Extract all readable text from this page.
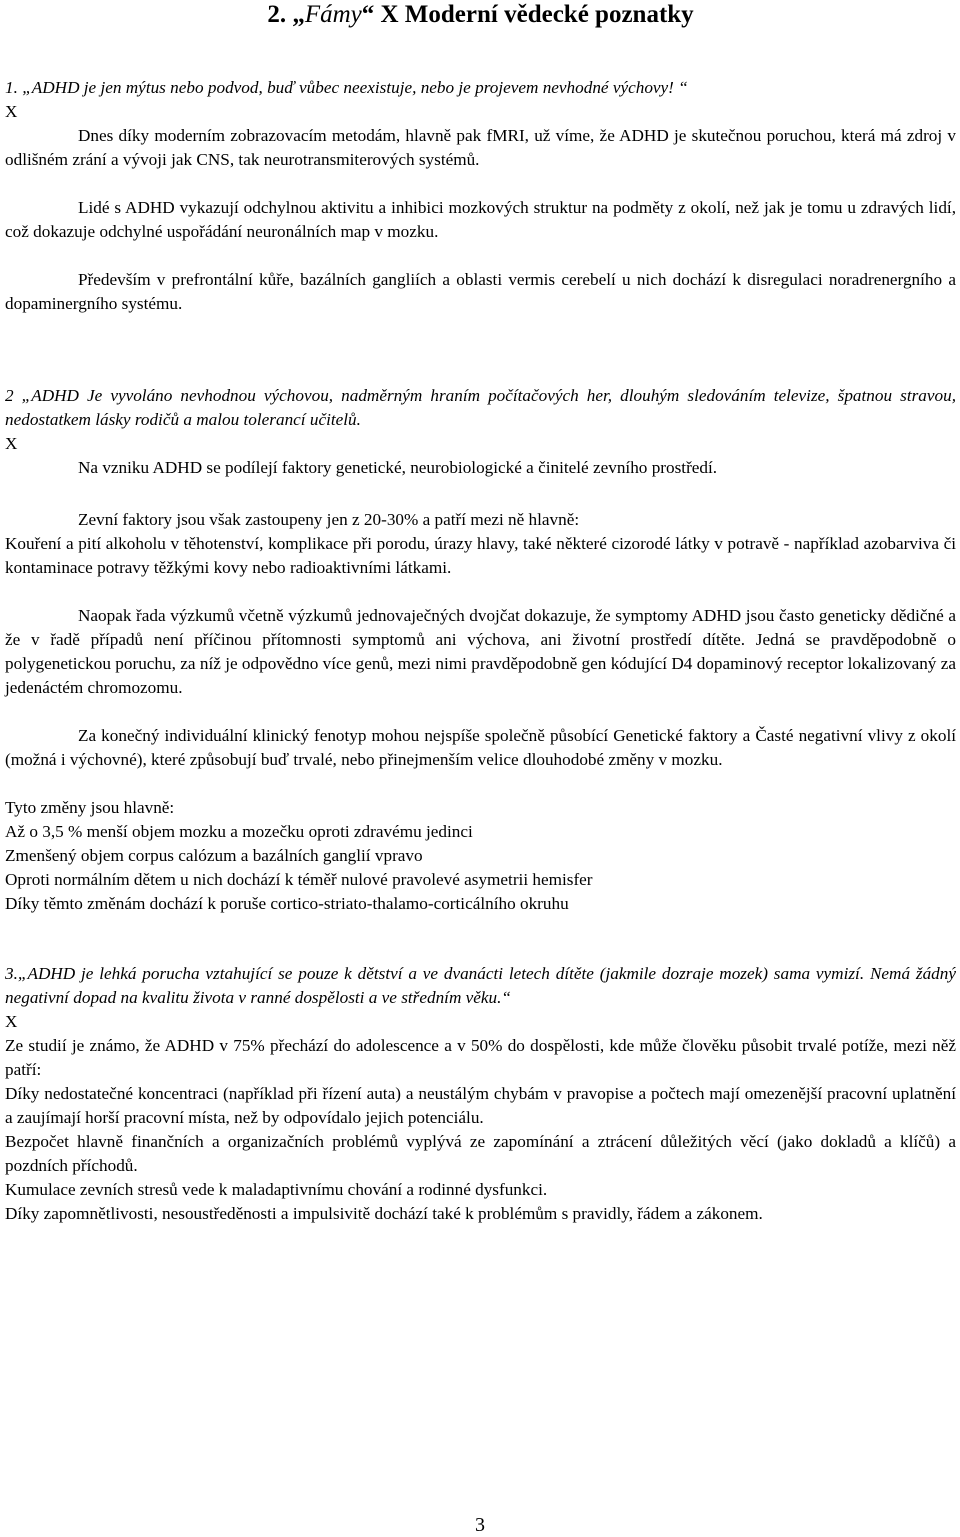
2. „Fámy“ X Moderní vědecké poznatky

1. „ADHD je jen mýtus nebo podvod, buď vůbec neexistuje, nebo je projevem nevhodné výchovy! “

X

Dnes díky moderním zobrazovacím metodám, hlavně pak fMRI, už víme, že ADHD je skutečnou poruchou, která má zdroj v odlišném zrání a vývoji jak CNS, tak neurotransmiterových systémů.

Lidé s ADHD vykazují odchylnou aktivitu a inhibici mozkových struktur na podměty z okolí, než jak je tomu u zdravých lidí, což dokazuje odchylné uspořádání neuronálních map v mozku.

Především v prefrontální kůře, bazálních gangliích a oblasti vermis cerebelí u nich dochází k disregulaci noradrenergního a dopaminergního systému.

2 „ADHD Je vyvoláno nevhodnou výchovou, nadměrným hraním počítačových her, dlouhým sledováním televize, špatnou stravou, nedostatkem lásky rodičů a malou tolerancí učitelů.

X

Na vzniku ADHD se podílejí faktory genetické, neurobiologické a činitelé zevního prostředí.

Zevní faktory jsou však zastoupeny jen z 20-30% a patří mezi ně hlavně:

Kouření a pití alkoholu v těhotenství, komplikace při porodu, úrazy hlavy, také některé cizorodé látky v potravě - například azobarviva či kontaminace potravy těžkými kovy nebo radioaktivními látkami.

Naopak řada výzkumů včetně výzkumů jednovaječných dvojčat dokazuje, že symptomy ADHD jsou často geneticky dědičné a že v řadě případů není příčinou přítomnosti symptomů ani výchova, ani životní prostředí dítěte. Jedná se pravděpodobně o polygenetickou poruchu, za níž je odpovědno více genů, mezi nimi pravděpodobně gen kódující D4 dopaminový receptor lokalizovaný za jedenáctém chromozomu.

Za konečný individuální klinický fenotyp mohou nejspíše společně působící Genetické faktory a Časté negativní vlivy z okolí (možná i výchovné), které způsobují buď trvalé, nebo přinejmenším velice dlouhodobé změny v mozku.

Tyto změny jsou hlavně:

Až o 3,5 % menší objem mozku a mozečku oproti zdravému jedinci

Zmenšený objem corpus calózum a bazálních ganglií vpravo

Oproti normálním dětem u nich dochází k téměř nulové pravolevé asymetrii hemisfer

Díky těmto změnám dochází k poruše cortico-striato-thalamo-corticálního okruhu

3.„ADHD je lehká porucha vztahující se pouze k dětství a ve dvanácti letech dítěte (jakmile dozraje mozek) sama vymizí. Nemá žádný negativní dopad na kvalitu života v ranné dospělosti a ve středním věku.“

X

Ze studií je známo, že ADHD v 75% přechází do adolescence a v 50% do dospělosti, kde může člověku působit trvalé potíže, mezi něž patří:

Díky nedostatečné koncentraci (například při řízení auta) a neustálým chybám v pravopise a počtech mají omezenější pracovní uplatnění a zaujímají horší pracovní místa, než by odpovídalo jejich potenciálu.

Bezpočet hlavně finančních a organizačních problémů vyplývá ze zapomínání a ztrácení důležitých věcí (jako dokladů a klíčů) a pozdních příchodů.

Kumulace zevních stresů vede k maladaptivnímu chování a rodinné dysfunkci.

Díky zapomnětlivosti, nesoustředěnosti a impulsivitě dochází také k problémům s pravidly, řádem a zákonem.

3
